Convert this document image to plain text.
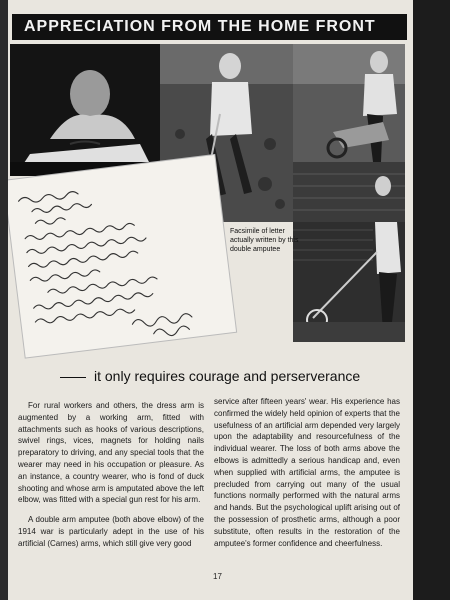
APPRECIATION FROM THE HOME FRONT
Facsimile of letter actually written by this double amputee
it only requires courage and perserverance

For rural workers and others, the dress arm is augmented by a working arm, fitted with attachments such as hooks of various descriptions, swivel rings, vices, magnets for holding nails preparatory to driving, and any special tools that the wearer may need in his occupation or pleasure. As an instance, a country wearer, who is fond of duck shooting and whose arm is amputated above the left elbow, was fitted with a special gun rest for his arm.

A double arm amputee (both above elbow) of the 1914 war is particularly adept in the use of his artificial (Carnes) arms, which still give very good

service after fifteen years' wear. His experience has confirmed the widely held opinion of experts that the usefulness of an artificial arm depended very largely upon the adaptability and resourcefulness of the individual wearer. The loss of both arms above the elbows is admittedly a serious handicap and, even when supplied with artificial arms, the amputee is precluded from carrying out many of the usual functions normally performed with the natural arms and hands. But the psychological uplift arising out of the possession of prosthetic arms, although a poor substitute, often results in the restoration of the amputee's former confidence and cheerfulness.

17
